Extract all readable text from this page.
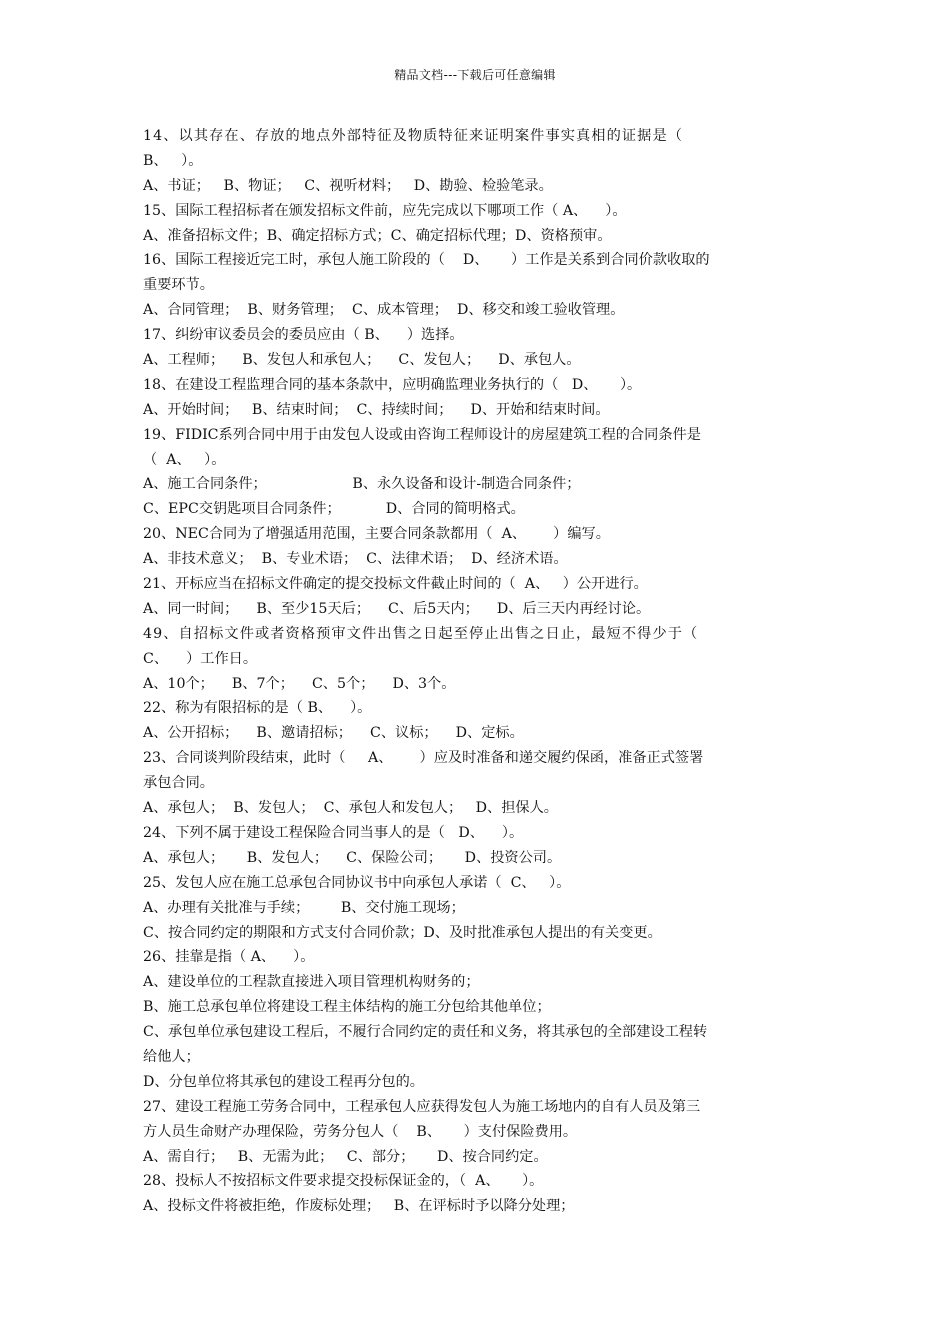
精品文档---下载后可任意编辑
14、以其存在、存放的地点外部特征及物质特征来证明案件事实真相的证据是（
B、   ）。
A、书证；   B、物证；   C、视听材料；   D、勘验、检验笔录。
15、国际工程招标者在颁发招标文件前，应先完成以下哪项工作（ A、    ）。
A、准备招标文件；B、确定招标方式；C、确定招标代理；D、资格预审。
16、国际工程接近完工时，承包人施工阶段的（    D、     ）工作是关系到合同价款收取的
重要环节。
A、合同管理；  B、财务管理；  C、成本管理；  D、移交和竣工验收管理。
17、纠纷审议委员会的委员应由（ B、    ）选择。
A、工程师；    B、发包人和承包人；    C、发包人；    D、承包人。
18、在建设工程监理合同的基本条款中，应明确监理业务执行的（   D、     ）。
A、开始时间；   B、结束时间；  C、持续时间；    D、开始和结束时间。
19、FIDIC系列合同中用于由发包人设或由咨询工程师设计的房屋建筑工程的合同条件是
（  A、   ）。
A、施工合同条件；                   B、永久设备和设计-制造合同条件；
C、EPC交钥匙项目合同条件；          D、合同的简明格式。
20、NEC合同为了增强适用范围，主要合同条款都用（  A、      ）编写。
A、非技术意义；  B、专业术语；  C、法律术语；  D、经济术语。
21、开标应当在招标文件确定的提交投标文件截止时间的（  A、   ）公开进行。
A、同一时间；    B、至少15天后；    C、后5天内；    D、后三天内再经讨论。
49、自招标文件或者资格预审文件出售之日起至停止出售之日止，最短不得少于（
C、    ）工作日。
A、10个；    B、7个；    C、5个；    D、3个。
22、称为有限招标的是（ B、    ）。
A、公开招标；    B、邀请招标；    C、议标；    D、定标。
23、合同谈判阶段结束，此时（     A、      ）应及时准备和递交履约保函，准备正式签署
承包合同。
A、承包人；  B、发包人；  C、承包人和发包人；   D、担保人。
24、下列不属于建设工程保险合同当事人的是（   D、    ）。
A、承包人；     B、发包人；    C、保险公司；     D、投资公司。
25、发包人应在施工总承包合同协议书中向承包人承诺（  C、   ）。
A、办理有关批准与手续；       B、交付施工现场；
C、按合同约定的期限和方式支付合同价款；D、及时批准承包人提出的有关变更。
26、挂靠是指（ A、    ）。
A、建设单位的工程款直接进入项目管理机构财务的；
B、施工总承包单位将建设工程主体结构的施工分包给其他单位；
C、承包单位承包建设工程后，不履行合同约定的责任和义务，将其承包的全部建设工程转
给他人；
D、分包单位将其承包的建设工程再分包的。
27、建设工程施工劳务合同中，工程承包人应获得发包人为施工场地内的自有人员及第三
方人员生命财产办理保险，劳务分包人（    B、     ）支付保险费用。
A、需自行；   B、无需为此；   C、部分；     D、按合同约定。
28、投标人不按招标文件要求提交投标保证金的，（  A、     ）。
A、投标文件将被拒绝，作废标处理；   B、在评标时予以降分处理；
